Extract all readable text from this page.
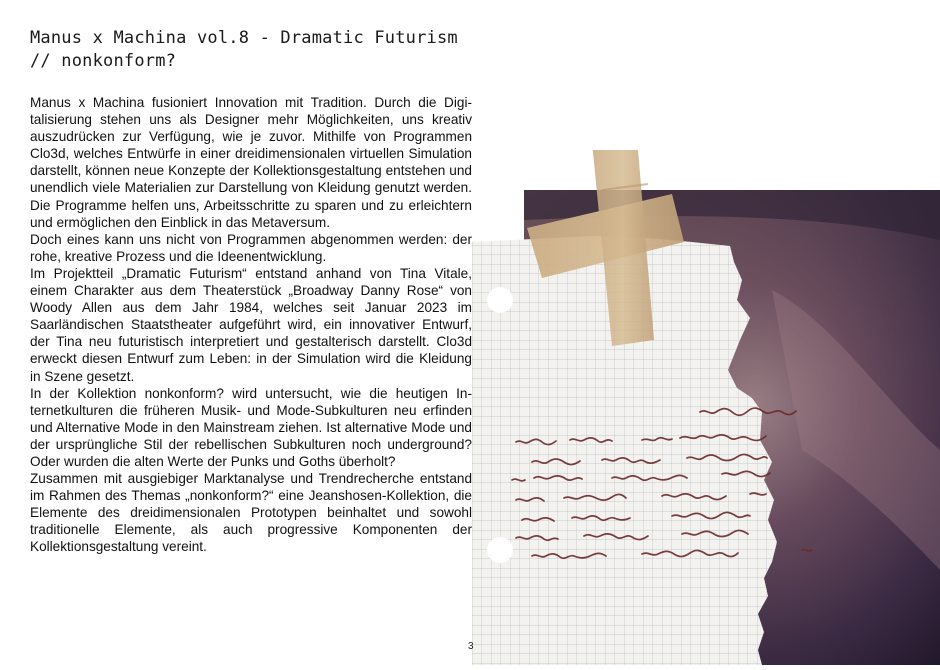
Manus x Machina vol.8 - Dramatic Futurism
// nonkonform?

Manus x Machina fusioniert Innovation mit Tradition. Durch die Digitalisierung stehen uns als Designer mehr Möglichkeiten, uns kreativ auszudrücken zur Verfügung, wie je zuvor. Mithilfe von Programmen Clo3d, welches Entwürfe in einer dreidimensionalen virtuellen Simulation darstellt, können neue Konzepte der Kollektionsgestaltung entstehen und unendlich viele Materialien zur Darstellung von Kleidung genutzt werden. Die Programme helfen uns, Arbeitsschritte zu sparen und zu erleichtern und ermöglichen den Einblick in das Metaversum.

Doch eines kann uns nicht von Programmen abgenommen werden: der rohe, kreative Prozess und die Ideenentwicklung.

Im Projektteil „Dramatic Futurism“ entstand anhand von Tina Vitale, einem Charakter aus dem Theaterstück „Broadway Danny Rose“ von Woody Allen aus dem Jahr 1984, welches seit Januar 2023 im Saarländischen Staatstheater aufgeführt wird, ein innovativer Entwurf, der Tina neu futuristisch interpretiert und gestalterisch darstellt. Clo3d erweckt diesen Entwurf zum Leben: in der Simulation wird die Kleidung in Szene gesetzt.

In der Kollektion nonkonform? wird untersucht, wie die heutigen Internetkulturen die früheren Musik- und Mode-Subkulturen neu erfinden und Alternative Mode in den Mainstream ziehen. Ist alternative Mode und der ursprüngliche Stil der rebellischen Subkulturen noch underground? Oder wurden die alten Werte der Punks und Goths überholt?

Zusammen mit ausgiebiger Marktanalyse und Trendrecherche entstand im Rahmen des Themas „nonkonform?“ eine Jeanshosen-Kollektion, die Elemente des dreidimensionalen Prototypen beinhaltet und sowohl traditionelle Elemente, als auch progressive Komponenten der Kollektionsgestaltung vereint.

3
